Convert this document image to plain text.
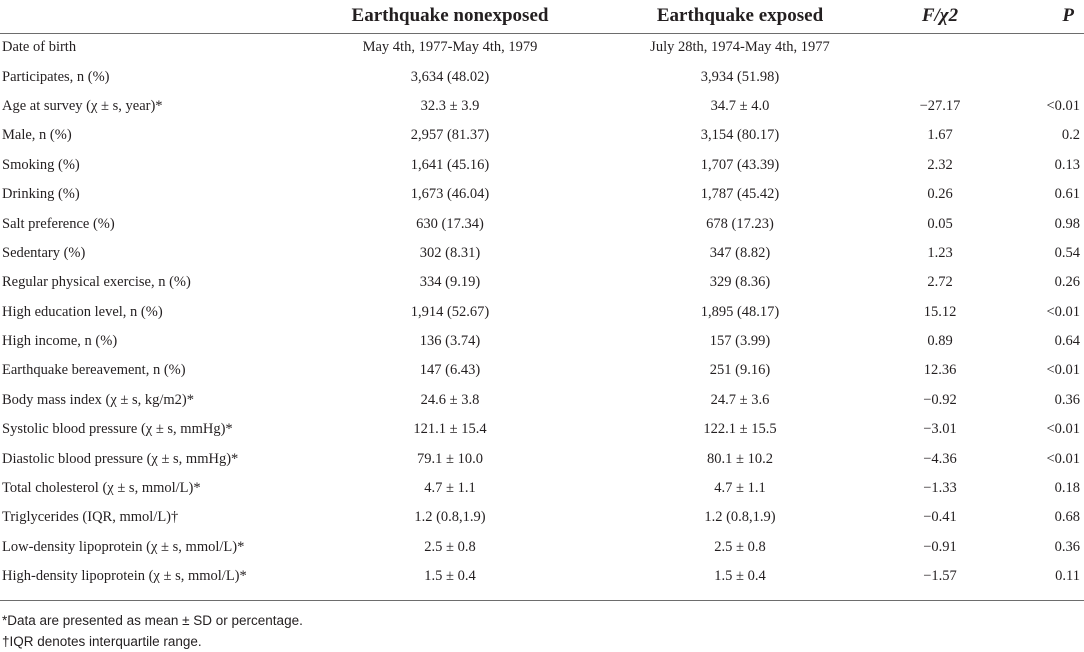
	Earthquake nonexposed	Earthquake exposed	F/χ2	P
Date of birth	May 4th, 1977-May 4th, 1979	July 28th, 1974-May 4th, 1977		
Participates, n (%)	3,634 (48.02)	3,934 (51.98)		
Age at survey (χ ± s, year)*	32.3 ± 3.9	34.7 ± 4.0	−27.17	<0.01
Male, n (%)	2,957 (81.37)	3,154 (80.17)	1.67	0.2
Smoking (%)	1,641 (45.16)	1,707 (43.39)	2.32	0.13
Drinking (%)	1,673 (46.04)	1,787 (45.42)	0.26	0.61
Salt preference (%)	630 (17.34)	678 (17.23)	0.05	0.98
Sedentary (%)	302 (8.31)	347 (8.82)	1.23	0.54
Regular physical exercise, n (%)	334 (9.19)	329 (8.36)	2.72	0.26
High education level, n (%)	1,914 (52.67)	1,895 (48.17)	15.12	<0.01
High income, n (%)	136 (3.74)	157 (3.99)	0.89	0.64
Earthquake bereavement, n (%)	147 (6.43)	251 (9.16)	12.36	<0.01
Body mass index (χ ± s, kg/m2)*	24.6 ± 3.8	24.7 ± 3.6	−0.92	0.36
Systolic blood pressure (χ ± s, mmHg)*	121.1 ± 15.4	122.1 ± 15.5	−3.01	<0.01
Diastolic blood pressure (χ ± s, mmHg)*	79.1 ± 10.0	80.1 ± 10.2	−4.36	<0.01
Total cholesterol (χ ± s, mmol/L)*	4.7 ± 1.1	4.7 ± 1.1	−1.33	0.18
Triglycerides (IQR, mmol/L)†	1.2 (0.8,1.9)	1.2 (0.8,1.9)	−0.41	0.68
Low-density lipoprotein (χ ± s, mmol/L)*	2.5 ± 0.8	2.5 ± 0.8	−0.91	0.36
High-density lipoprotein (χ ± s, mmol/L)*	1.5 ± 0.4	1.5 ± 0.4	−1.57	0.11
*Data are presented as mean ± SD or percentage.
†IQR denotes interquartile range.
